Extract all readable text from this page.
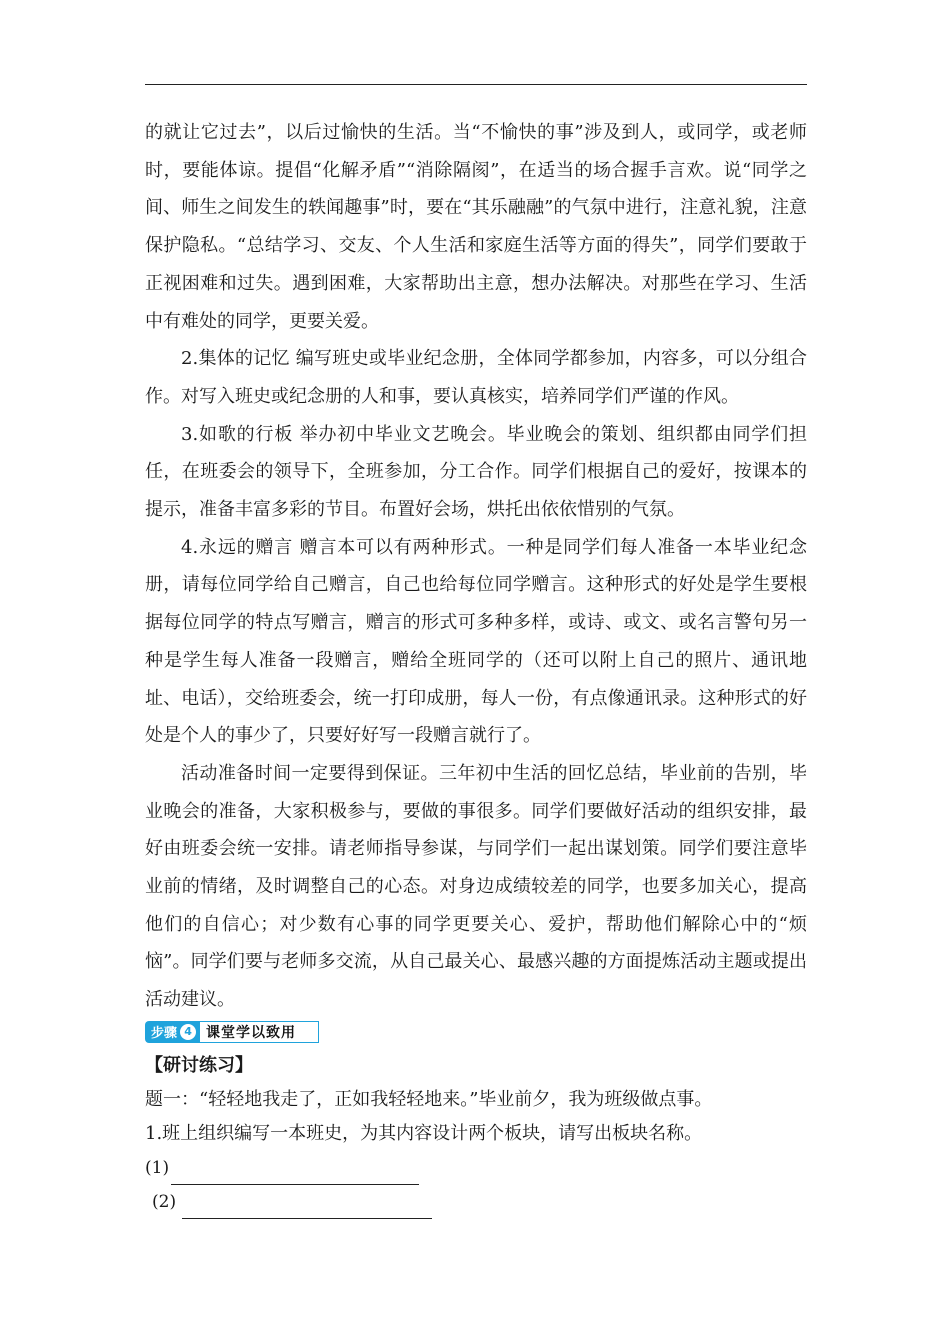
的就让它过去”，以后过愉快的生活。当“不愉快的事”涉及到人，或同学，或老师时，要能体谅。提倡“化解矛盾”“消除隔阂”，在适当的场合握手言欢。说“同学之间、师生之间发生的轶闻趣事”时，要在“其乐融融”的气氛中进行，注意礼貌，注意保护隐私。“总结学习、交友、个人生活和家庭生活等方面的得失”，同学们要敢于正视困难和过失。遇到困难，大家帮助出主意，想办法解决。对那些在学习、生活中有难处的同学，更要关爱。

2.集体的记忆 编写班史或毕业纪念册，全体同学都参加，内容多，可以分组合作。对写入班史或纪念册的人和事，要认真核实，培养同学们严谨的作风。

3.如歌的行板 举办初中毕业文艺晚会。毕业晚会的策划、组织都由同学们担任，在班委会的领导下，全班参加，分工合作。同学们根据自己的爱好，按课本的提示，准备丰富多彩的节目。布置好会场，烘托出依依惜别的气氛。

4.永远的赠言 赠言本可以有两种形式。一种是同学们每人准备一本毕业纪念册，请每位同学给自己赠言，自己也给每位同学赠言。这种形式的好处是学生要根据每位同学的特点写赠言，赠言的形式可多种多样，或诗、或文、或名言警句另一种是学生每人准备一段赠言，赠给全班同学的（还可以附上自己的照片、通讯地址、电话），交给班委会，统一打印成册，每人一份，有点像通讯录。这种形式的好处是个人的事少了，只要好好写一段赠言就行了。

活动准备时间一定要得到保证。三年初中生活的回忆总结，毕业前的告别，毕业晚会的准备，大家积极参与，要做的事很多。同学们要做好活动的组织安排，最好由班委会统一安排。请老师指导参谋，与同学们一起出谋划策。同学们要注意毕业前的情绪，及时调整自己的心态。对身边成绩较差的同学，也要多加关心，提高他们的自信心；对少数有心事的同学更要关心、爱护，帮助他们解除心中的“烦恼”。同学们要与老师多交流，从自己最关心、最感兴趣的方面提炼活动主题或提出活动建议。

步骤 4	课堂学以致用

【研讨练习】

题一：“轻轻地我走了，正如我轻轻地来。”毕业前夕，我为班级做点事。

1.班上组织编写一本班史，为其内容设计两个板块，请写出板块名称。

(1)
(2)
